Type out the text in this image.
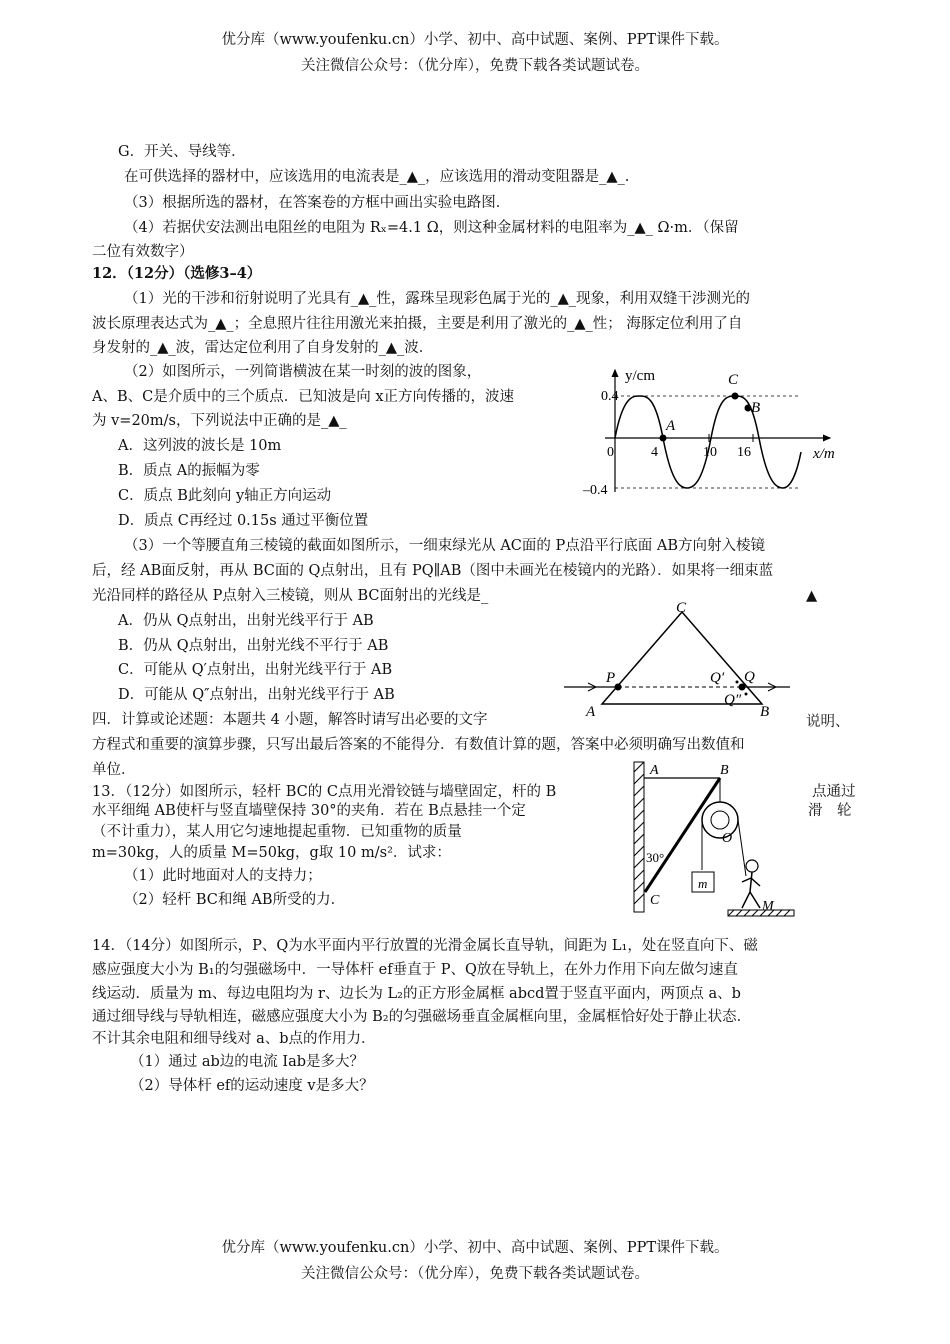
优分库（www.youfenku.cn）小学、初中、高中试题、案例、PPT课件下载。
关注微信公众号：（优分库），免费下载各类试题试卷。
G．开关、导线等．
在可供选择的器材中，应该选用的电流表是_▲_，应该选用的滑动变阻器是_▲_.
（3）根据所选的器材，在答案卷的方框中画出实验电路图．
（4）若据伏安法测出电阻丝的电阻为 Rₓ=4.1 Ω，则这种金属材料的电阻率为_▲_ Ω·m．（保留
二位有效数字）
12．（12分）（选修3–4）
（1）光的干涉和衍射说明了光具有_▲_性，露珠呈现彩色属于光的_▲_现象，利用双缝干涉测光的
波长原理表达式为_▲_；全息照片往往用激光来拍摄，主要是利用了激光的_▲_性； 海豚定位利用了自
身发射的_▲_波，雷达定位利用了自身发射的_▲_波．
（2）如图所示，一列简谐横波在某一时刻的波的图象，
A、B、C是介质中的三个质点．已知波是向 x正方向传播的，波速
为 v=20m/s，下列说法中正确的是_▲_
A．这列波的波长是 10m
B．质点 A的振幅为零
C．质点 B此刻向 y轴正方向运动
D．质点 C再经过 0.15s 通过平衡位置
y/cm
x/m
0.4
–0.4
0	4	10 16
A
C
B
（3）一个等腰直角三棱镜的截面如图所示，一细束绿光从 AC面的 P点沿平行底面 AB方向射入棱镜
后，经 AB面反射，再从 BC面的 Q点射出，且有 PQ∥AB（图中未画光在棱镜内的光路）．如果将一细束蓝
光沿同样的路径从 P点射入三棱镜，则从 BC面射出的光线是_	▲
A．仍从 Q点射出，出射光线平行于 AB
B．仍从 Q点射出，出射光线不平行于 AB
C．可能从 Q′点射出，出射光线平行于 AB
D．可能从 Q″点射出，出射光线平行于 AB
C
A	B
P	Q
Q′
Q″
四．计算或论述题：本题共 4 小题，解答时请写出必要的文字	说明、
方程式和重要的演算步骤，只写出最后答案的不能得分．有数值计算的题，答案中必须明确写出数值和
单位．
13．（12分）如图所示，轻杆 BC的 C点用光滑铰链与墙壁固定，杆的 B	点通过
水平细绳 AB使杆与竖直墙壁保持 30°的夹角．若在 B点悬挂一个定	滑　轮
（不计重力），某人用它匀速地提起重物．已知重物的质量
m=30kg，人的质量 M=50kg，g取 10 m/s²．试求：
（1）此时地面对人的支持力；
（2）轻杆 BC和绳 AB所受的力．
A	B
C
O
30°
m
M
14．（14分）如图所示，P、Q为水平面内平行放置的光滑金属长直导轨，间距为 L₁，处在竖直向下、磁
感应强度大小为 B₁的匀强磁场中．一导体杆 ef垂直于 P、Q放在导轨上，在外力作用下向左做匀速直
线运动．质量为 m、每边电阻均为 r、边长为 L₂的正方形金属框 abcd置于竖直平面内，两顶点 a、b
通过细导线与导轨相连，磁感应强度大小为 B₂的匀强磁场垂直金属框向里，金属框恰好处于静止状态．
不计其余电阻和细导线对 a、b点的作用力．
（1）通过 ab边的电流 Iab是多大？
（2）导体杆 ef的运动速度 v是多大？
优分库（www.youfenku.cn）小学、初中、高中试题、案例、PPT课件下载。
关注微信公众号：（优分库），免费下载各类试题试卷。
